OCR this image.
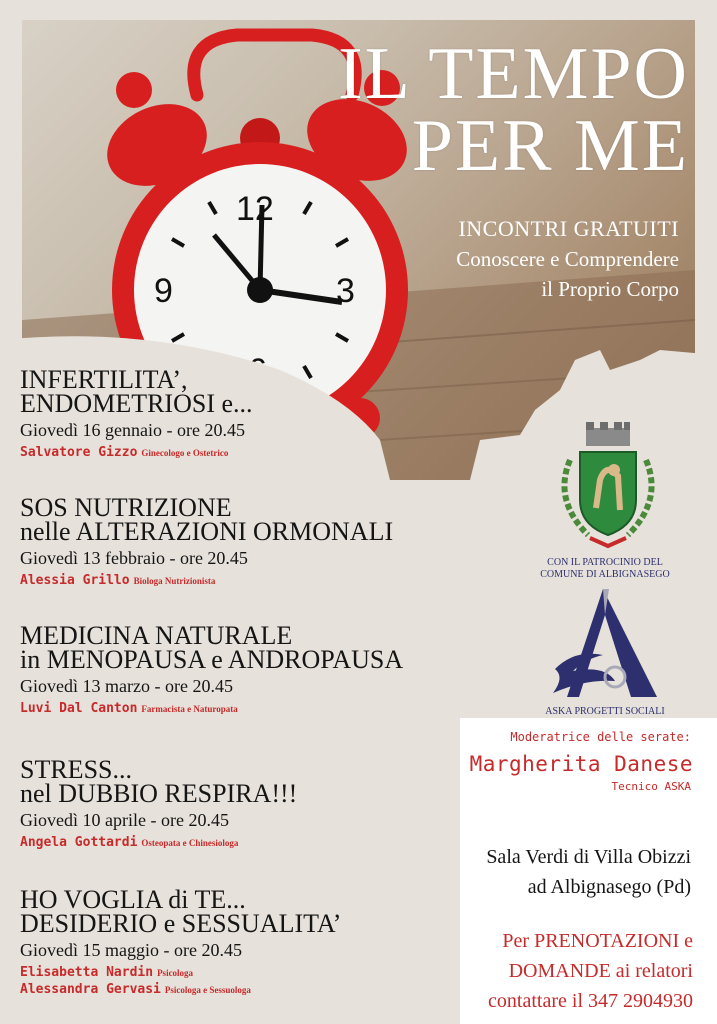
12
3
9
IL TEMPO
PER ME
INCONTRI GRATUITI
Conoscere e Comprendere
il Proprio Corpo
INFERTILITA’,
ENDOMETRIOSI e...
Giovedì 16 gennaio - ore 20.45
Salvatore Gizzo Ginecologo e Ostetrico
SOS NUTRIZIONE
nelle ALTERAZIONI ORMONALI
Giovedì 13 febbraio - ore 20.45
Alessia Grillo Biologa Nutrizionista
MEDICINA NATURALE
in MENOPAUSA e ANDROPAUSA
Giovedì 13 marzo - ore 20.45
Luvi Dal Canton Farmacista e Naturopata
STRESS...
nel DUBBIO RESPIRA!!!
Giovedì 10 aprile - ore 20.45
Angela Gottardi Osteopata e Chinesiologa
HO VOGLIA di TE...
DESIDERIO e SESSUALITA’
Giovedì 15 maggio - ore 20.45
Elisabetta Nardin Psicologa
Alessandra Gervasi Psicologa e Sessuologa
CON IL PATROCINIO DEL
COMUNE DI ALBIGNASEGO
ASKA PROGETTI SOCIALI
Moderatrice delle serate:
Margherita Danese
Tecnico ASKA
Sala Verdi di Villa Obizzi
ad Albignasego (Pd)
Per PRENOTAZIONI e
DOMANDE ai relatori
contattare il 347 2904930
